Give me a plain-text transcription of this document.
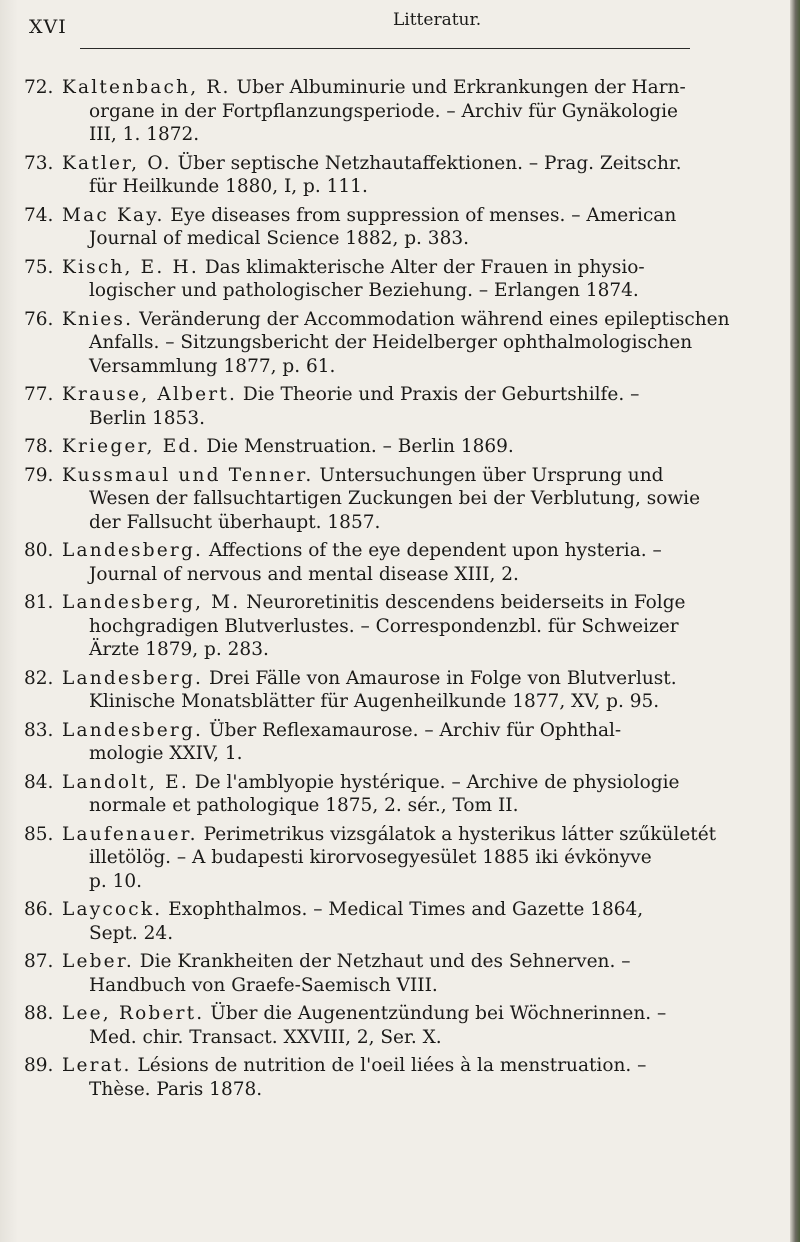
XVI	Litteratur.
72. Kaltenbach, R. Uber Albuminurie und Erkrankungen der Harn-
organe in der Fortpflanzungsperiode. – Archiv für Gynäkologie
III, 1. 1872.
73. Katler, O. Über septische Netzhautaffektionen. – Prag. Zeitschr.
für Heilkunde 1880, I, p. 111.
74. Mac Kay. Eye diseases from suppression of menses. – American
Journal of medical Science 1882, p. 383.
75. Kisch, E. H. Das klimakterische Alter der Frauen in physio-
logischer und pathologischer Beziehung. – Erlangen 1874.
76. Knies. Veränderung der Accommodation während eines epileptischen
Anfalls. – Sitzungsbericht der Heidelberger ophthalmologischen
Versammlung 1877, p. 61.
77. Krause, Albert. Die Theorie und Praxis der Geburtshilfe. –
Berlin 1853.
78. Krieger, Ed. Die Menstruation. – Berlin 1869.
79. Kussmaul und Tenner. Untersuchungen über Ursprung und
Wesen der fallsuchtartigen Zuckungen bei der Verblutung, sowie
der Fallsucht überhaupt. 1857.
80. Landesberg. Affections of the eye dependent upon hysteria. –
Journal of nervous and mental disease XIII, 2.
81. Landesberg, M. Neuroretinitis descendens beiderseits in Folge
hochgradigen Blutverlustes. – Correspondenzbl. für Schweizer
Ärzte 1879, p. 283.
82. Landesberg. Drei Fälle von Amaurose in Folge von Blutverlust.
Klinische Monatsblätter für Augenheilkunde 1877, XV, p. 95.
83. Landesberg. Über Reflexamaurose. – Archiv für Ophthal-
mologie XXIV, 1.
84. Landolt, E. De l'amblyopie hystérique. – Archive de physiologie
normale et pathologique 1875, 2. sér., Tom II.
85. Laufenauer. Perimetrikus vizsgálatok a hysterikus látter szűkületét
illetölög. – A budapesti kirorvosegyesület 1885 iki évkönyve
p. 10.
86. Laycock. Exophthalmos. – Medical Times and Gazette 1864,
Sept. 24.
87. Leber. Die Krankheiten der Netzhaut und des Sehnerven. –
Handbuch von Graefe-Saemisch VIII.
88. Lee, Robert. Über die Augenentzündung bei Wöchnerinnen. –
Med. chir. Transact. XXVIII, 2, Ser. X.
89. Lerat. Lésions de nutrition de l'oeil liées à la menstruation. –
Thèse. Paris 1878.
